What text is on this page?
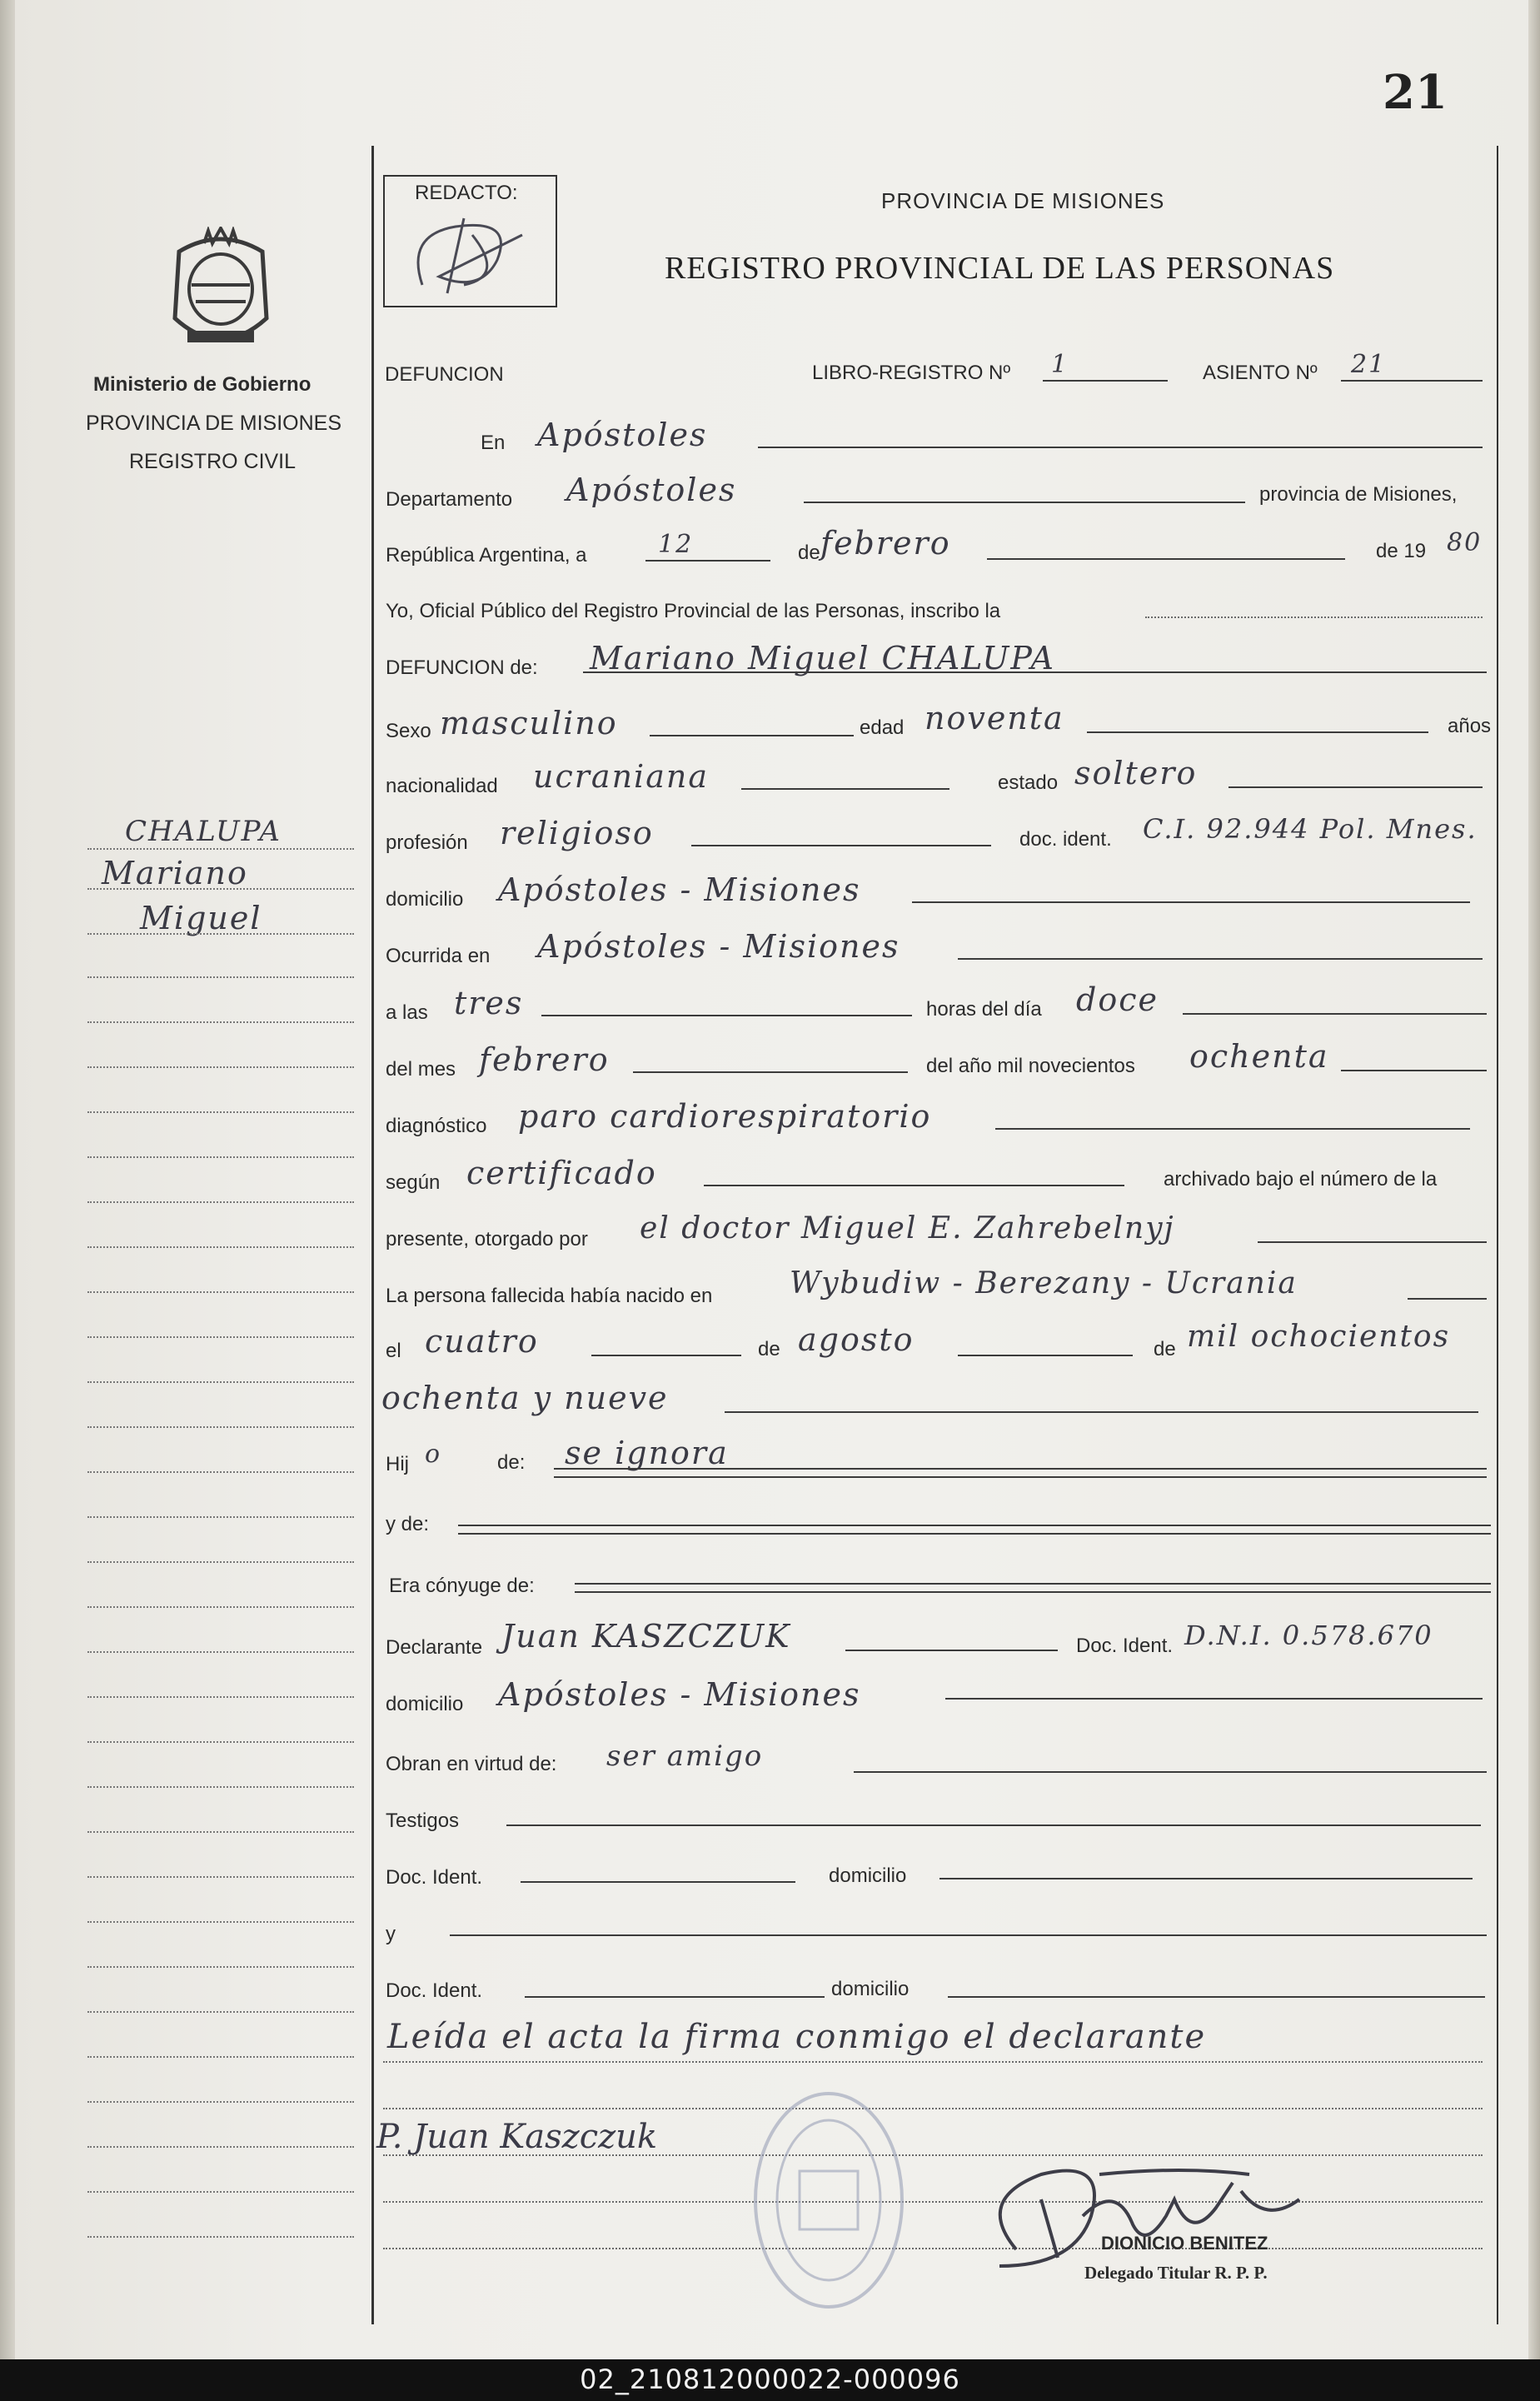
21
Ministerio de Gobierno
PROVINCIA DE MISIONES
REGISTRO CIVIL
CHALUPA
Mariano
Miguel
REDACTO:	PROVINCIA DE MISIONES
REGISTRO PROVINCIAL DE LAS PERSONAS
DEFUNCION	LIBRO-REGISTRO Nº 1	ASIENTO Nº 21
En Apóstoles
Departamento Apóstoles	provincia de Misiones,
República Argentina, a	12	de febrero	de 19 80
Yo, Oficial Público del Registro Provincial de las Personas, inscribo la
DEFUNCION de: Mariano Miguel CHALUPA
Sexo masculino	edad noventa	años
nacionalidad ucraniana	estado soltero
profesión religioso	doc. ident. C.I. 92.944 Pol. Mnes.
domicilio Apóstoles - Misiones
Ocurrida en Apóstoles - Misiones
a las tres	horas del día doce
del mes febrero	del año mil novecientos ochenta
diagnóstico paro cardiorespiratorio
según certificado	archivado bajo el número de la
presente, otorgado por el doctor Miguel E. Zahrebelnyj
La persona fallecida había nacido en	Wybudiw - Berezany - Ucrania
el cuatro	de agosto	de mil ochocientos
ochenta y nueve
Hij o	de: se ignora
y de:
Era cónyuge de:
Declarante Juan KASZCZUK	Doc. Ident. D.N.I. 0.578.670
domicilio Apóstoles - Misiones
Obran en virtud de: ser amigo
Testigos
Doc. Ident.	domicilio
y
Doc. Ident.	domicilio
Leída el acta la firma conmigo el declarante
P. Juan Kaszczuk
DIONICIO BENITEZ
Delegado Titular R. P. P.
02_210812000022-000096
